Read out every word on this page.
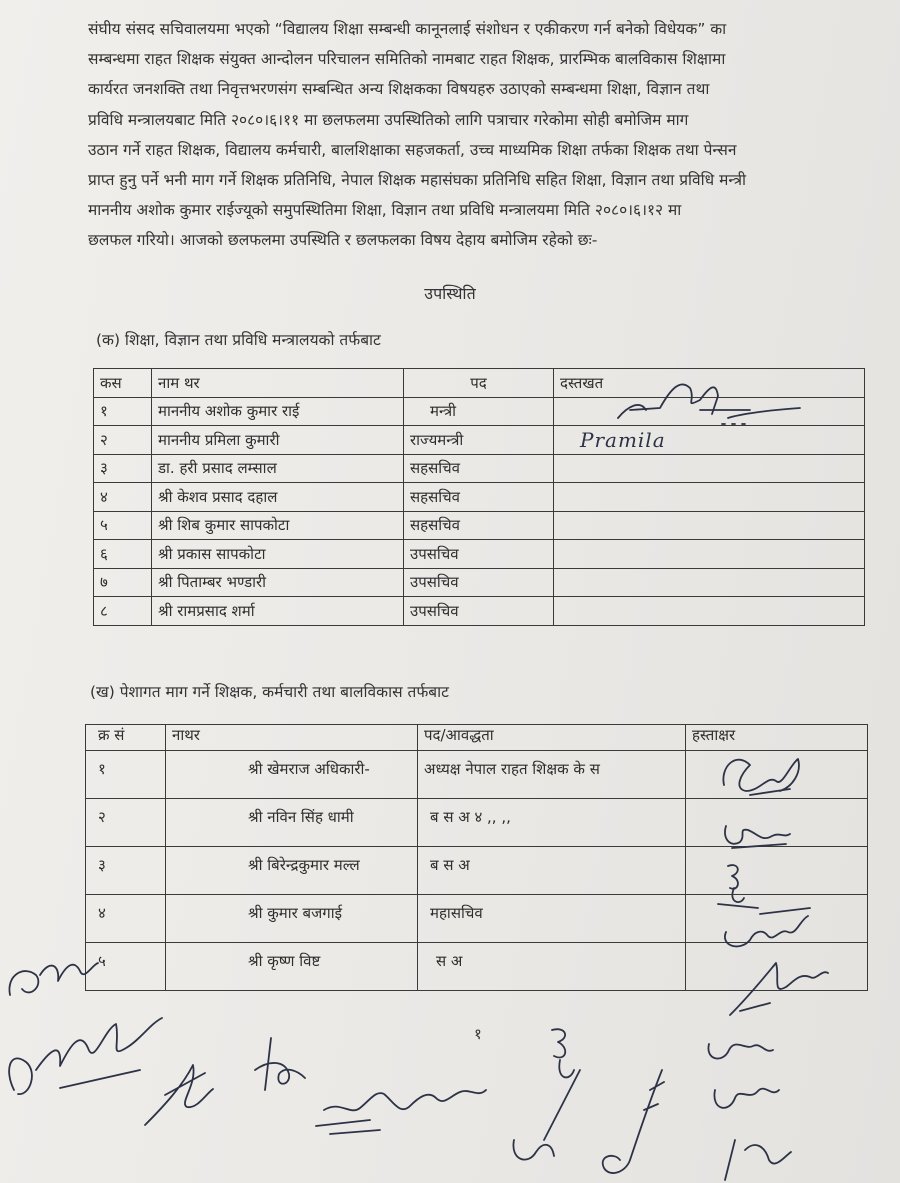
संघीय संसद सचिवालयमा भएको “विद्यालय शिक्षा सम्बन्धी कानूनलाई संशोधन र एकीकरण गर्न बनेको विधेयक” का
सम्बन्धमा राहत शिक्षक संयुक्त आन्दोलन परिचालन समितिको नामबाट राहत शिक्षक, प्रारम्भिक बालविकास शिक्षामा
कार्यरत जनशक्ति तथा निवृत्तभरणसंग सम्बन्धित अन्य शिक्षकका विषयहरु उठाएको सम्बन्धमा शिक्षा, विज्ञान तथा
प्रविधि मन्त्रालयबाट मिति २०८०।६।११ मा छलफलमा उपस्थितिको लागि पत्राचार गरेकोमा सोही बमोजिम माग
उठान गर्ने राहत शिक्षक, विद्यालय कर्मचारी, बालशिक्षाका सहजकर्ता, उच्च माध्यमिक शिक्षा तर्फका शिक्षक तथा पेन्सन
प्राप्त हुनु पर्ने भनी माग गर्ने शिक्षक प्रतिनिधि, नेपाल शिक्षक महासंघका प्रतिनिधि सहित शिक्षा, विज्ञान तथा प्रविधि मन्त्री
माननीय अशोक कुमार राईज्यूको समुपस्थितिमा शिक्षा, विज्ञान तथा प्रविधि मन्त्रालयमा मिति २०८०।६।१२ मा
छलफल गरियो। आजको छलफलमा उपस्थिति र छलफलका विषय देहाय बमोजिम रहेको छः-
उपस्थिति
(क) शिक्षा, विज्ञान तथा प्रविधि मन्त्रालयको तर्फबाट
कस	नाम थर	पद	दस्तखत
१	माननीय अशोक कुमार राई	मन्त्री	
२	माननीय प्रमिला कुमारी	राज्यमन्त्री	Pramila
३	डा. हरी प्रसाद लम्साल	सहसचिव	
४	श्री केशव प्रसाद दहाल	सहसचिव	
५	श्री शिब कुमार सापकोटा	सहसचिव	
६	श्री प्रकास सापकोटा	उपसचिव	
७	श्री पिताम्बर भण्डारी	उपसचिव	
८	श्री रामप्रसाद शर्मा	उपसचिव	
(ख) पेशागत माग गर्ने शिक्षक, कर्मचारी तथा बालविकास तर्फबाट
क्र सं	नाथर	पद/आवद्धता	हस्ताक्षर
१	श्री खेमराज अधिकारी-	अध्यक्ष नेपाल राहत शिक्षक के स	
२	श्री नविन सिंह धामी	ब स अ ४ ,, ,,	
३	श्री बिरेन्द्रकुमार मल्ल	ब स अ	
४	श्री कुमार बजगाई	महासचिव	
५	श्री कृष्ण विष्ट	स अ	
१
